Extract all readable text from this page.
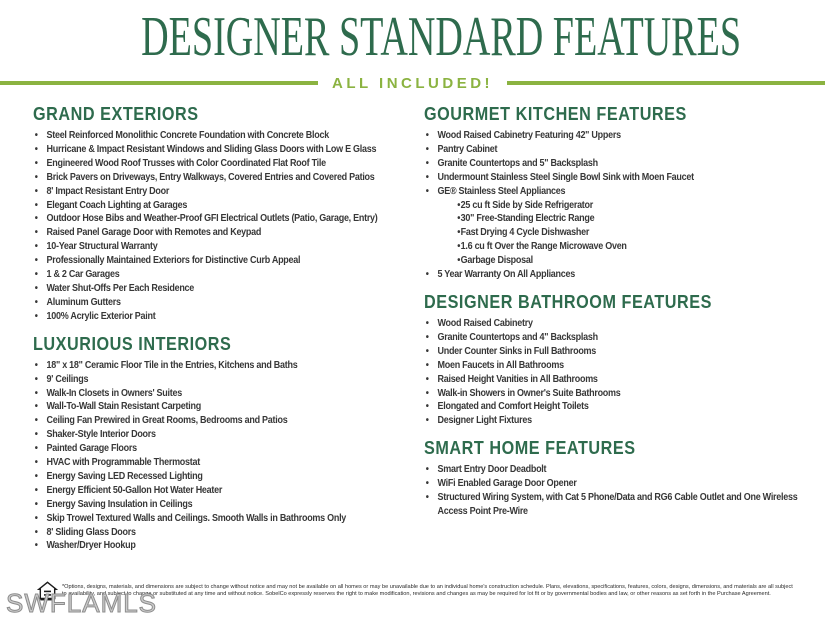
DESIGNER STANDARD FEATURES
ALL INCLUDED!
GRAND EXTERIORS
• Steel Reinforced Monolithic Concrete Foundation with Concrete Block
• Hurricane & Impact Resistant Windows and Sliding Glass Doors with Low E Glass
• Engineered Wood Roof Trusses with Color Coordinated Flat Roof Tile
• Brick Pavers on Driveways, Entry Walkways, Covered Entries and Covered Patios
• 8' Impact Resistant Entry Door
• Elegant Coach Lighting at Garages
• Outdoor Hose Bibs and Weather-Proof GFI Electrical Outlets (Patio, Garage, Entry)
• Raised Panel Garage Door with Remotes and Keypad
• 10-Year Structural Warranty
• Professionally Maintained Exteriors for Distinctive Curb Appeal
• 1 & 2 Car Garages
• Water Shut-Offs Per Each Residence
• Aluminum Gutters
• 100% Acrylic Exterior Paint
LUXURIOUS INTERIORS
• 18" x 18" Ceramic Floor Tile in the Entries, Kitchens and Baths
• 9' Ceilings
• Walk-In Closets in Owners' Suites
• Wall-To-Wall Stain Resistant Carpeting
• Ceiling Fan Prewired in Great Rooms, Bedrooms and Patios
• Shaker-Style Interior Doors
• Painted Garage Floors
• HVAC with Programmable Thermostat
• Energy Saving LED Recessed Lighting
• Energy Efficient 50-Gallon Hot Water Heater
• Energy Saving Insulation in Ceilings
• Skip Trowel Textured Walls and Ceilings. Smooth Walls in Bathrooms Only
• 8' Sliding Glass Doors
• Washer/Dryer Hookup
GOURMET KITCHEN FEATURES
• Wood Raised Cabinetry Featuring 42" Uppers
• Pantry Cabinet
• Granite Countertops and 5" Backsplash
• Undermount Stainless Steel Single Bowl Sink with Moen Faucet
• GE® Stainless Steel Appliances
• 25 cu ft Side by Side Refrigerator
• 30" Free-Standing Electric Range
• Fast Drying 4 Cycle Dishwasher
• 1.6 cu ft Over the Range Microwave Oven
• Garbage Disposal
• 5 Year Warranty On All Appliances
DESIGNER BATHROOM FEATURES
• Wood Raised Cabinetry
• Granite Countertops and 4" Backsplash
• Under Counter Sinks in Full Bathrooms
• Moen Faucets in All Bathrooms
• Raised Height Vanities in All Bathrooms
• Walk-in Showers in Owner's Suite Bathrooms
• Elongated and Comfort Height Toilets
• Designer Light Fixtures
SMART HOME FEATURES
• Smart Entry Door Deadbolt
• WiFi Enabled Garage Door Opener
• Structured Wiring System, with Cat 5 Phone/Data and RG6 Cable Outlet and One Wireless Access Point Pre-Wire
*Options, designs, materials, and dimensions are subject to change without notice and may not be available on all homes or may be unavailable due to an individual home's construction schedule. Plans, elevations, specifications, features, colors, designs, dimensions, and materials are all subject
to availability, and subject to change or substituted at any time and without notice. SobelCo expressly reserves the right to make modification, revisions and changes as may be required for lot fit or by governmental bodies and law, or other reasons as set forth in the Purchase Agreement.
SWFLAMLS
